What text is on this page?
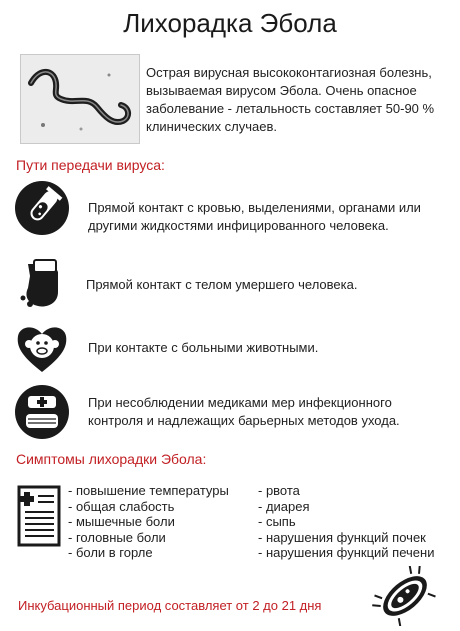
Лихорадка Эбола
Острая вирусная высококонтагиозная болезнь, вызываемая вирусом Эбола. Очень опасное заболевание - летальность составляет 50-90 % клинических случаев.
Пути передачи вируса:
Прямой контакт с кровью, выделениями, органами или другими жидкостями инфицированного человека.
Прямой контакт с телом умершего человека.
При контакте с больными животными.
При несоблюдении медиками мер инфекционного контроля и надлежащих барьерных методов ухода.
Симптомы лихорадки Эбола:
- повышение температуры
- общая слабость
- мышечные боли
- головные боли
- боли в горле
- рвота
- диарея
- сыпь
- нарушения функций почек
- нарушения функций печени
Инкубационный период составляет от 2 до 21 дня
